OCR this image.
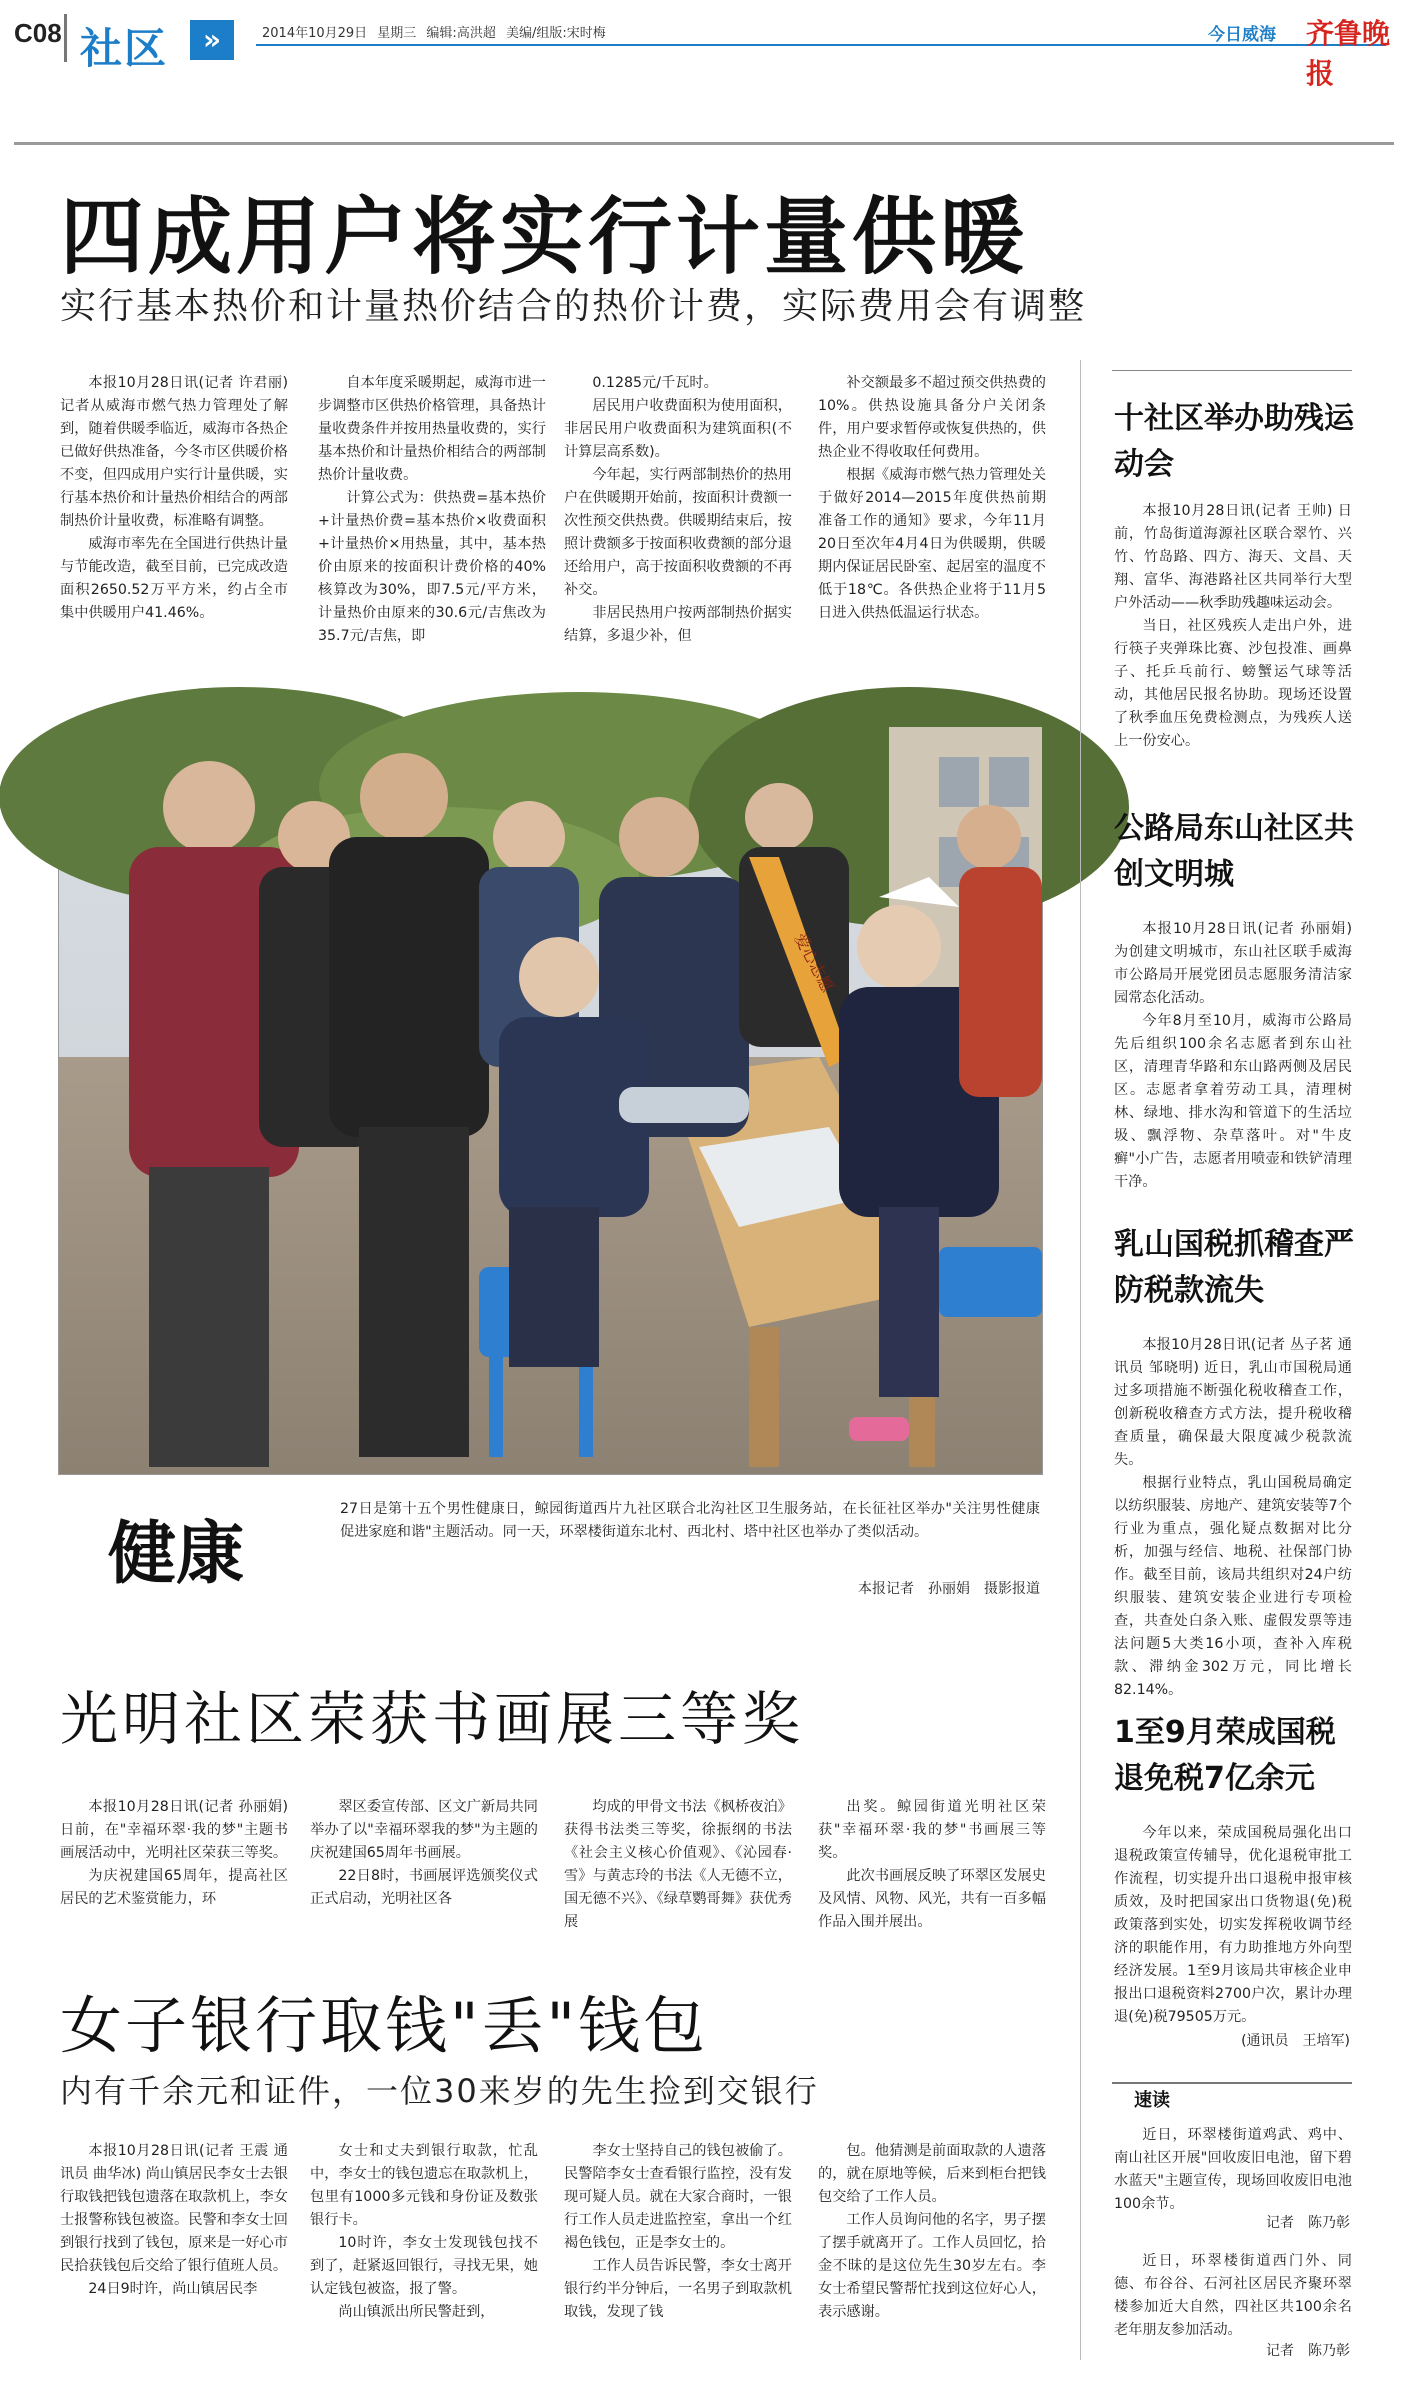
C08 社区	»	2014年10月29日 星期三 编辑:高洪超 美编/组版:宋时梅	今日威海 齐鲁晚报
四成用户将实行计量供暖
实行基本热价和计量热价结合的热价计费，实际费用会有调整

本报10月28日讯(记者 许君丽) 记者从威海市燃气热力管理处了解到，随着供暖季临近，威海市各热企已做好供热准备，今冬市区供暖价格不变，但四成用户实行计量供暖，实行基本热价和计量热价相结合的两部制热价计量收费，标准略有调整。

威海市率先在全国进行供热计量与节能改造，截至目前，已完成改造面积2650.52万平方米，约占全市集中供暖用户41.46%。

自本年度采暖期起，威海市进一步调整市区供热价格管理，具备热计量收费条件并按用热量收费的，实行基本热价和计量热价相结合的两部制热价计量收费。

计算公式为：供热费=基本热价+计量热价费=基本热价×收费面积+计量热价×用热量，其中，基本热价由原来的按面积计费价格的40%核算改为30%，即7.5元/平方米，计量热价由原来的30.6元/吉焦改为35.7元/吉焦，即

0.1285元/千瓦时。

居民用户收费面积为使用面积，非居民用户收费面积为建筑面积(不计算层高系数)。

今年起，实行两部制热价的热用户在供暖期开始前，按面积计费额一次性预交供热费。供暖期结束后，按照计费额多于按面积收费额的部分退还给用户，高于按面积收费额的不再补交。

非居民热用户按两部制热价据实结算，多退少补，但

补交额最多不超过预交供热费的10%。供热设施具备分户关闭条件，用户要求暂停或恢复供热的，供热企业不得收取任何费用。

根据《威海市燃气热力管理处关于做好2014—2015年度供热前期准备工作的通知》要求，今年11月20日至次年4月4日为供暖期，供暖期内保证居民卧室、起居室的温度不低于18℃。各供热企业将于11月5日进入供热低温运行状态。

爱心志愿
健康
27日是第十五个男性健康日，鲸园街道西片九社区联合北沟社区卫生服务站，在长征社区举办"关注男性健康　促进家庭和谐"主题活动。同一天，环翠楼街道东北村、西北村、塔中社区也举办了类似活动。
本报记者　孙丽娟　摄影报道
光明社区荣获书画展三等奖

本报10月28日讯(记者 孙丽娟) 日前，在"幸福环翠·我的梦"主题书画展活动中，光明社区荣获三等奖。

为庆祝建国65周年，提高社区居民的艺术鉴赏能力，环

翠区委宣传部、区文广新局共同举办了以"幸福环翠我的梦"为主题的庆祝建国65周年书画展。

22日8时，书画展评选颁奖仪式正式启动，光明社区各

均成的甲骨文书法《枫桥夜泊》获得书法类三等奖，徐振纲的书法《社会主义核心价值观》、《沁园春·雪》与黄志玲的书法《人无德不立，国无德不兴》、《绿草鹦哥舞》获优秀展

出奖。鲸园街道光明社区荣获"幸福环翠·我的梦"书画展三等奖。

此次书画展反映了环翠区发展史及风情、风物、风光，共有一百多幅作品入围并展出。

女子银行取钱"丢"钱包
内有千余元和证件，一位30来岁的先生捡到交银行

本报10月28日讯(记者 王震 通讯员 曲华冰) 尚山镇居民李女士去银行取钱把钱包遗落在取款机上，李女士报警称钱包被盗。民警和李女士回到银行找到了钱包，原来是一好心市民拾获钱包后交给了银行值班人员。

24日9时许，尚山镇居民李

女士和丈夫到银行取款，忙乱中，李女士的钱包遗忘在取款机上，包里有1000多元钱和身份证及数张银行卡。

10时许，李女士发现钱包找不到了，赶紧返回银行，寻找无果，她认定钱包被盗，报了警。

尚山镇派出所民警赶到，

李女士坚持自己的钱包被偷了。民警陪李女士查看银行监控，没有发现可疑人员。就在大家合商时，一银行工作人员走进监控室，拿出一个红褐色钱包，正是李女士的。

工作人员告诉民警，李女士离开银行约半分钟后，一名男子到取款机取钱，发现了钱

包。他猜测是前面取款的人遗落的，就在原地等候，后来到柜台把钱包交给了工作人员。

工作人员询问他的名字，男子摆了摆手就离开了。工作人员回忆，拾金不昧的是这位先生30岁左右。李女士希望民警帮忙找到这位好心人，表示感谢。

十社区举办助残运动会

本报10月28日讯(记者 王帅) 日前，竹岛街道海源社区联合翠竹、兴竹、竹岛路、四方、海天、文昌、天翔、富华、海港路社区共同举行大型户外活动——秋季助残趣味运动会。

当日，社区残疾人走出户外，进行筷子夹弹珠比赛、沙包投准、画鼻子、托乒乓前行、螃蟹运气球等活动，其他居民报名协助。现场还设置了秋季血压免费检测点，为残疾人送上一份安心。

公路局东山社区共创文明城

本报10月28日讯(记者 孙丽娟) 为创建文明城市，东山社区联手威海市公路局开展党团员志愿服务清洁家园常态化活动。

今年8月至10月，威海市公路局先后组织100余名志愿者到东山社区，清理青华路和东山路两侧及居民区。志愿者拿着劳动工具，清理树林、绿地、排水沟和管道下的生活垃圾、飘浮物、杂草落叶。对"牛皮癣"小广告，志愿者用喷壶和铁铲清理干净。

乳山国税抓稽查严防税款流失

本报10月28日讯(记者 丛子茗 通讯员 邹晓明) 近日，乳山市国税局通过多项措施不断强化税收稽查工作，创新税收稽查方式方法，提升税收稽查质量，确保最大限度减少税款流失。

根据行业特点，乳山国税局确定以纺织服装、房地产、建筑安装等7个行业为重点，强化疑点数据对比分析，加强与经信、地税、社保部门协作。截至目前，该局共组织对24户纺织服装、建筑安装企业进行专项检查，共查处白条入账、虚假发票等违法问题5大类16小项，查补入库税款、滞纳金302万元，同比增长82.14%。

1至9月荣成国税退免税7亿余元

今年以来，荣成国税局强化出口退税政策宣传辅导，优化退税审批工作流程，切实提升出口退税申报审核质效，及时把国家出口货物退(免)税政策落到实处，切实发挥税收调节经济的职能作用，有力助推地方外向型经济发展。1至9月该局共审核企业申报出口退税资料2700户次，累计办理退(免)税79505万元。

(通讯员　王培军)
速读

近日，环翠楼街道鸡武、鸡中、南山社区开展"回收废旧电池，留下碧水蓝天"主题宣传，现场回收废旧电池100余节。

记者　陈乃彰

近日，环翠楼街道西门外、同德、布谷谷、石河社区居民齐聚环翠楼参加近大自然，四社区共100余名老年朋友参加活动。

记者　陈乃彰
